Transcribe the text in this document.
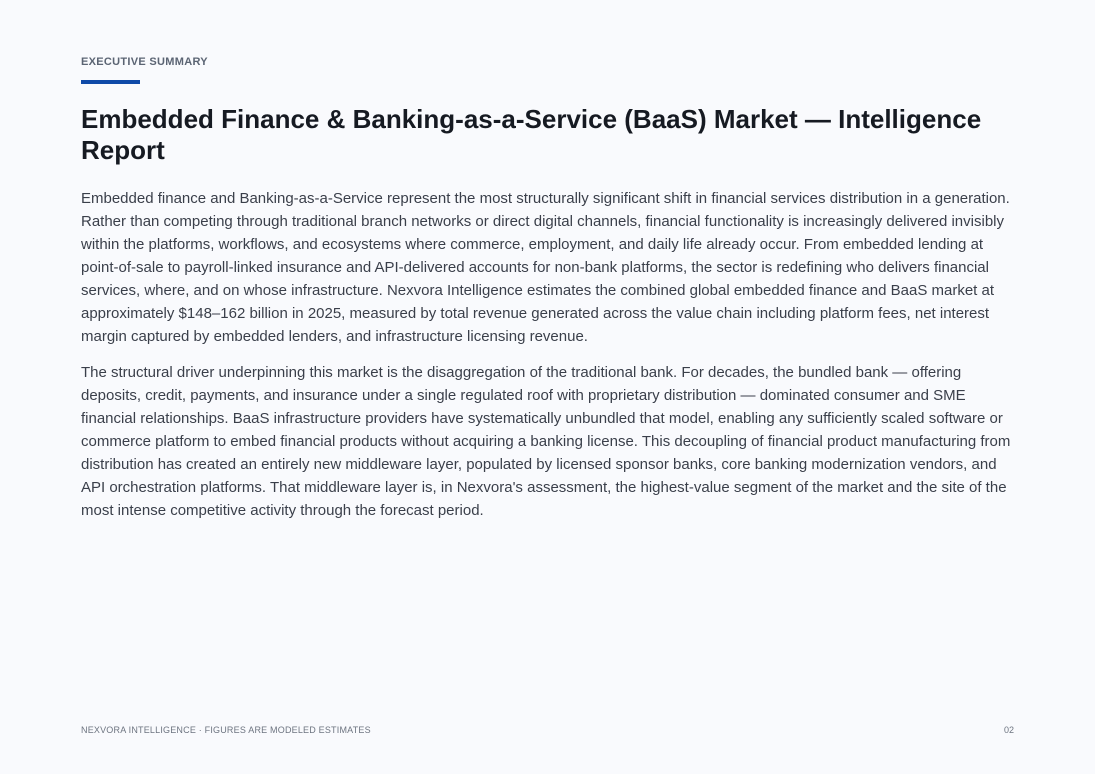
EXECUTIVE SUMMARY
Embedded Finance & Banking-as-a-Service (BaaS) Market — Intelligence Report

Embedded finance and Banking-as-a-Service represent the most structurally significant shift in financial services distribution in a generation. Rather than competing through traditional branch networks or direct digital channels, financial functionality is increasingly delivered invisibly within the platforms, workflows, and ecosystems where commerce, employment, and daily life already occur. From embedded lending at point-of-sale to payroll-linked insurance and API-delivered accounts for non-bank platforms, the sector is redefining who delivers financial services, where, and on whose infrastructure. Nexvora Intelligence estimates the combined global embedded finance and BaaS market at approximately $148–162 billion in 2025, measured by total revenue generated across the value chain including platform fees, net interest margin captured by embedded lenders, and infrastructure licensing revenue.

The structural driver underpinning this market is the disaggregation of the traditional bank. For decades, the bundled bank — offering deposits, credit, payments, and insurance under a single regulated roof with proprietary distribution — dominated consumer and SME financial relationships. BaaS infrastructure providers have systematically unbundled that model, enabling any sufficiently scaled software or commerce platform to embed financial products without acquiring a banking license. This decoupling of financial product manufacturing from distribution has created an entirely new middleware layer, populated by licensed sponsor banks, core banking modernization vendors, and API orchestration platforms. That middleware layer is, in Nexvora's assessment, the highest-value segment of the market and the site of the most intense competitive activity through the forecast period.

NEXVORA INTELLIGENCE · FIGURES ARE MODELED ESTIMATES	02
